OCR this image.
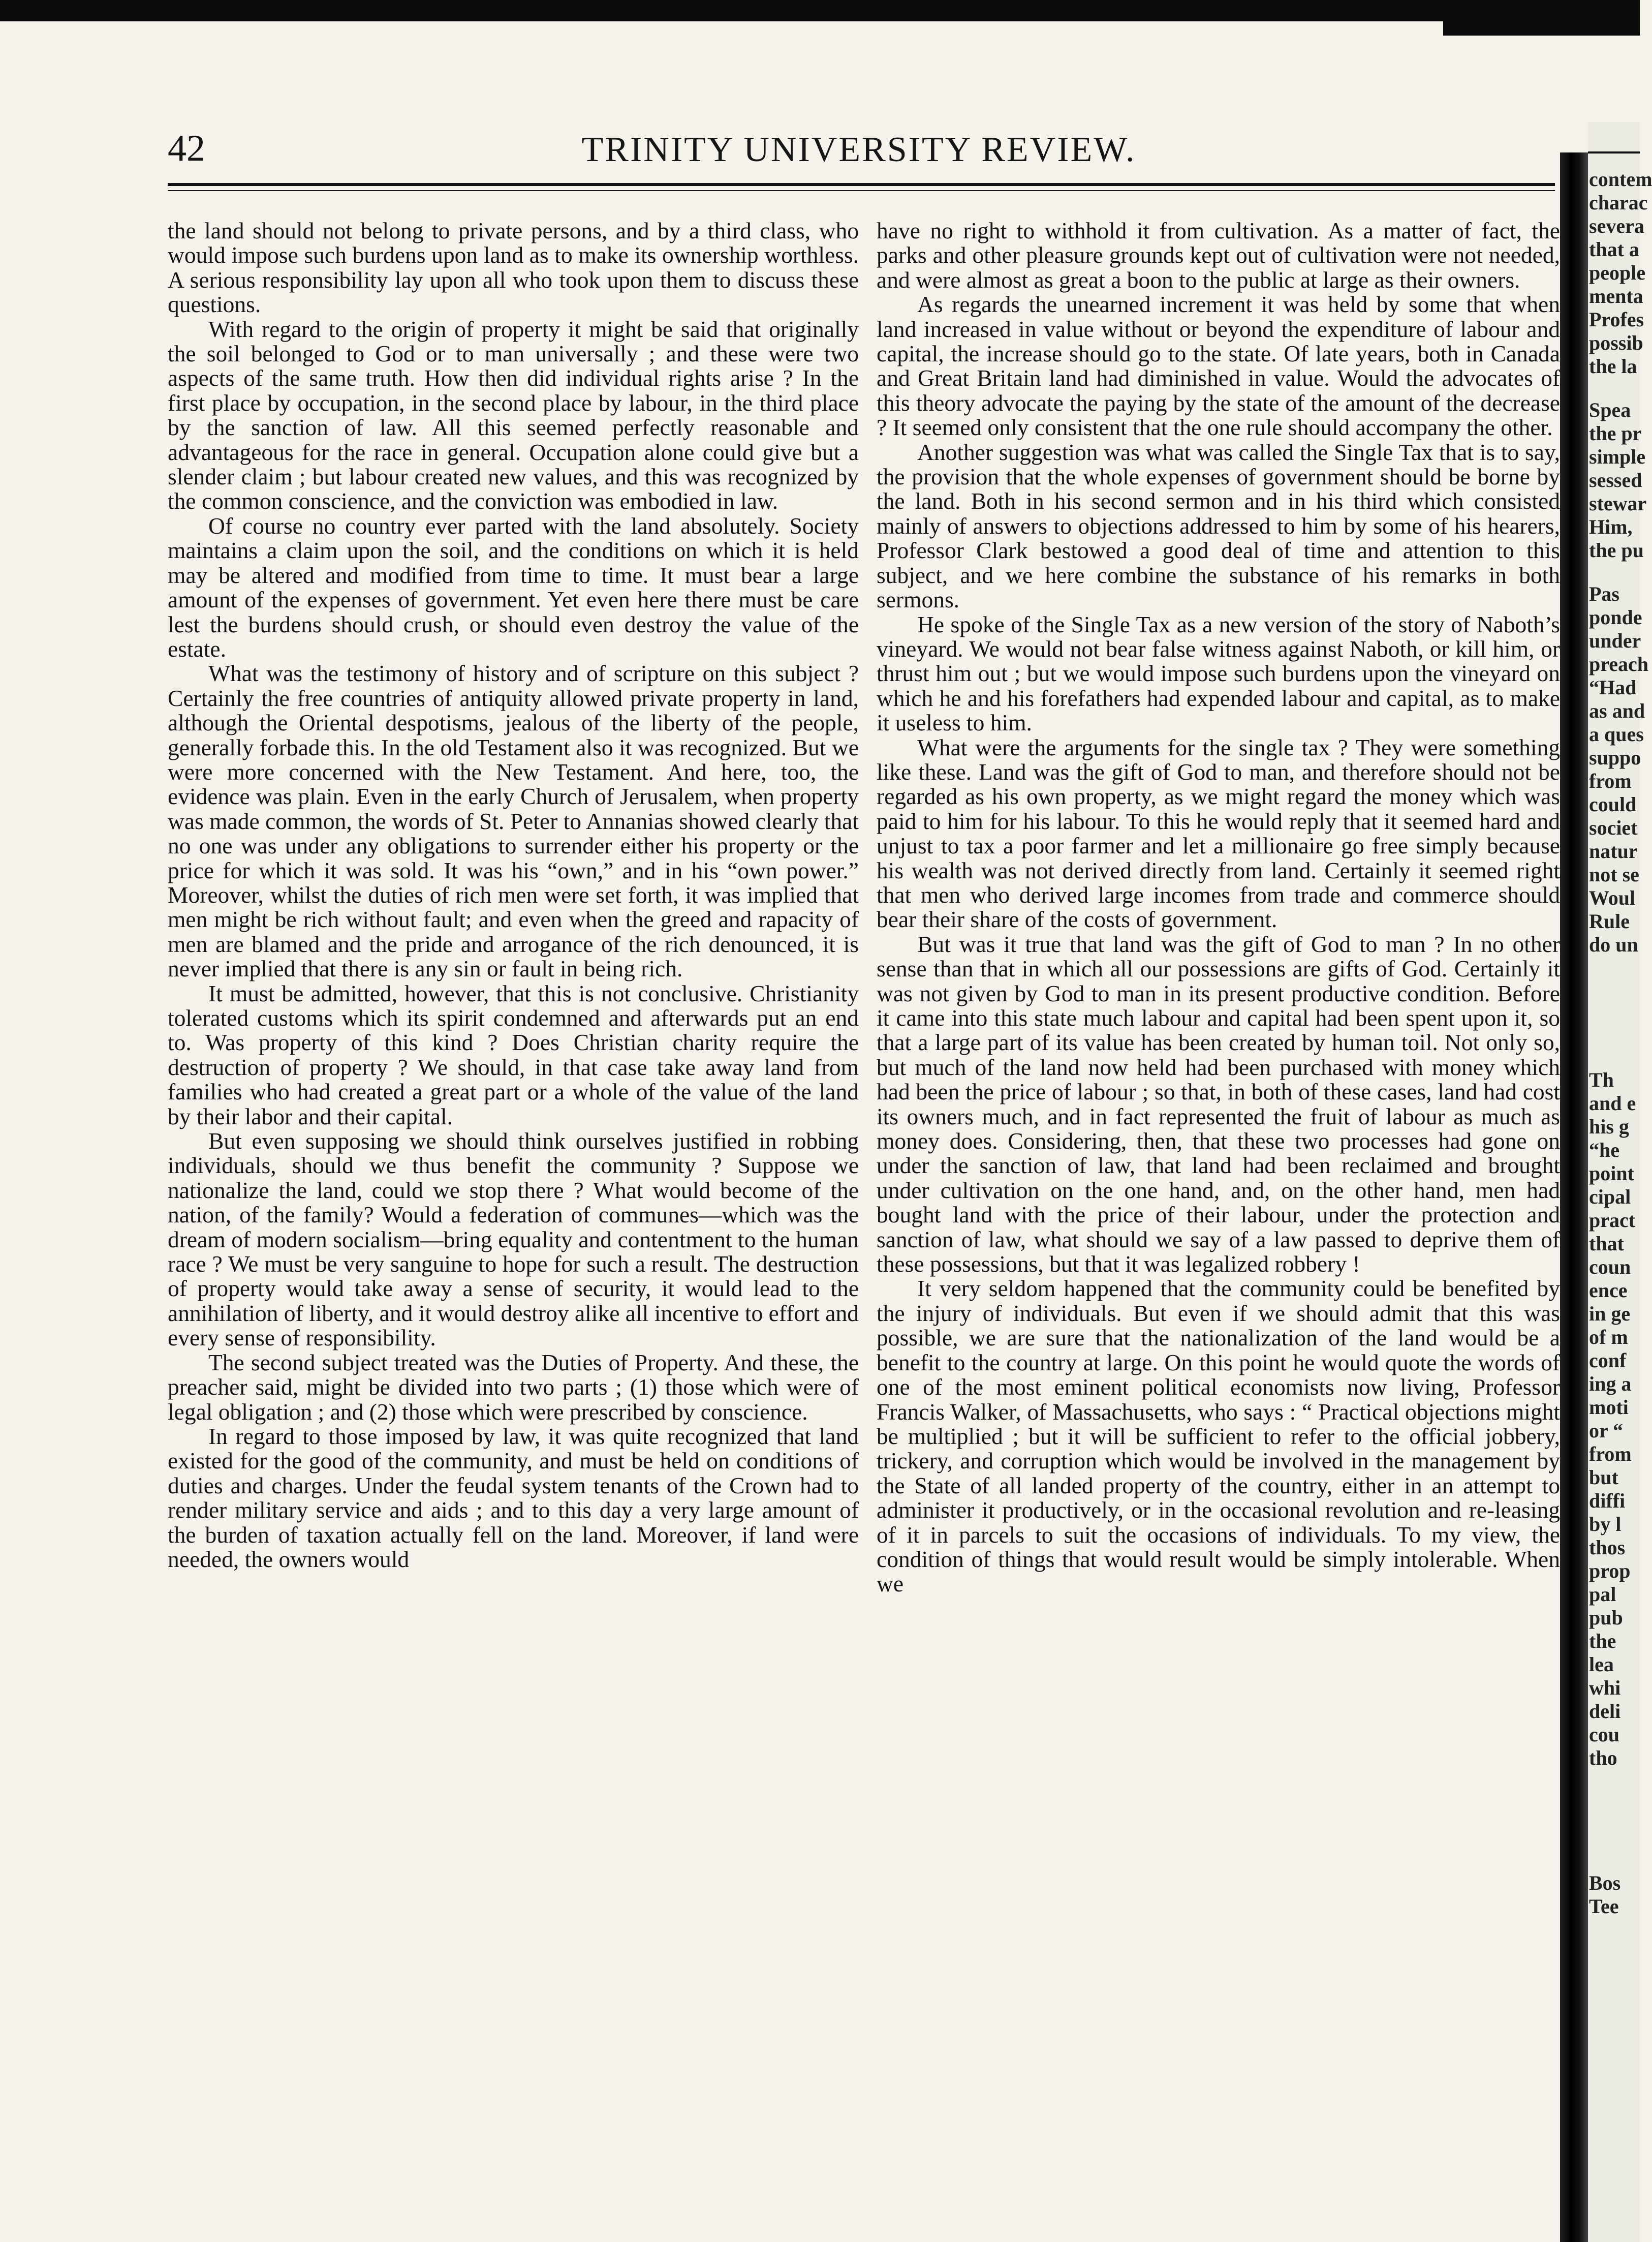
42	TRINITY UNIVERSITY REVIEW.

the land should not belong to private persons, and by a third class, who would impose such burdens upon land as to make its ownership worthless. A serious responsibility lay upon all who took upon them to discuss these questions.

With regard to the origin of property it might be said that originally the soil belonged to God or to man universally ; and these were two aspects of the same truth. How then did individual rights arise ? In the first place by occupation, in the second place by labour, in the third place by the sanction of law. All this seemed perfectly reasonable and advantageous for the race in general. Occupation alone could give but a slender claim ; but labour created new values, and this was recognized by the common conscience, and the conviction was embodied in law.

Of course no country ever parted with the land absolutely. Society maintains a claim upon the soil, and the conditions on which it is held may be altered and modified from time to time. It must bear a large amount of the expenses of government. Yet even here there must be care lest the burdens should crush, or should even destroy the value of the estate.

What was the testimony of history and of scripture on this subject ? Certainly the free countries of antiquity allowed private property in land, although the Oriental despotisms, jealous of the liberty of the people, generally forbade this. In the old Testament also it was recognized. But we were more concerned with the New Testament. And here, too, the evidence was plain. Even in the early Church of Jerusalem, when property was made common, the words of St. Peter to Annanias showed clearly that no one was under any obligations to surrender either his property or the price for which it was sold. It was his “own,” and in his “own power.” Moreover, whilst the duties of rich men were set forth, it was implied that men might be rich without fault; and even when the greed and rapacity of men are blamed and the pride and arrogance of the rich denounced, it is never implied that there is any sin or fault in being rich.

It must be admitted, however, that this is not conclusive. Christianity tolerated customs which its spirit condemned and afterwards put an end to. Was property of this kind ? Does Christian charity require the destruction of property ? We should, in that case take away land from families who had created a great part or a whole of the value of the land by their labor and their capital.

But even supposing we should think ourselves justified in robbing individuals, should we thus benefit the community ? Suppose we nationalize the land, could we stop there ? What would become of the nation, of the family? Would a federation of communes—which was the dream of modern socialism—bring equality and contentment to the human race ? We must be very sanguine to hope for such a result. The destruction of property would take away a sense of security, it would lead to the annihilation of liberty, and it would destroy alike all incentive to effort and every sense of responsibility.

The second subject treated was the Duties of Property. And these, the preacher said, might be divided into two parts ; (1) those which were of legal obligation ; and (2) those which were prescribed by conscience.

In regard to those imposed by law, it was quite recognized that land existed for the good of the community, and must be held on conditions of duties and charges. Under the feudal system tenants of the Crown had to render military service and aids ; and to this day a very large amount of the burden of taxation actually fell on the land. Moreover, if land were needed, the owners would

have no right to withhold it from cultivation. As a matter of fact, the parks and other pleasure grounds kept out of cultivation were not needed, and were almost as great a boon to the public at large as their owners.

As regards the unearned increment it was held by some that when land increased in value without or beyond the expenditure of labour and capital, the increase should go to the state. Of late years, both in Canada and Great Britain land had diminished in value. Would the advocates of this theory advocate the paying by the state of the amount of the decrease ? It seemed only consistent that the one rule should accompany the other.

Another suggestion was what was called the Single Tax that is to say, the provision that the whole expenses of government should be borne by the land. Both in his second sermon and in his third which consisted mainly of answers to objections addressed to him by some of his hearers, Professor Clark bestowed a good deal of time and attention to this subject, and we here combine the substance of his remarks in both sermons.

He spoke of the Single Tax as a new version of the story of Naboth’s vineyard. We would not bear false witness against Naboth, or kill him, or thrust him out ; but we would impose such burdens upon the vineyard on which he and his forefathers had expended labour and capital, as to make it useless to him.

What were the arguments for the single tax ? They were something like these. Land was the gift of God to man, and therefore should not be regarded as his own property, as we might regard the money which was paid to him for his labour. To this he would reply that it seemed hard and unjust to tax a poor farmer and let a millionaire go free simply because his wealth was not derived directly from land. Certainly it seemed right that men who derived large incomes from trade and commerce should bear their share of the costs of government.

But was it true that land was the gift of God to man ? In no other sense than that in which all our possessions are gifts of God. Certainly it was not given by God to man in its present productive condition. Before it came into this state much labour and capital had been spent upon it, so that a large part of its value has been created by human toil. Not only so, but much of the land now held had been purchased with money which had been the price of labour ; so that, in both of these cases, land had cost its owners much, and in fact represented the fruit of labour as much as money does. Considering, then, that these two processes had gone on under the sanction of law, that land had been reclaimed and brought under cultivation on the one hand, and, on the other hand, men had bought land with the price of their labour, under the protection and sanction of law, what should we say of a law passed to deprive them of these possessions, but that it was legalized robbery !

It very seldom happened that the community could be benefited by the injury of individuals. But even if we should admit that this was possible, we are sure that the nationalization of the land would be a benefit to the country at large. On this point he would quote the words of one of the most eminent political economists now living, Professor Francis Walker, of Massachusetts, who says : “ Practical objections might be multiplied ; but it will be sufficient to refer to the official jobbery, trickery, and corruption which would be involved in the management by the State of all landed property of the country, either in an attempt to administer it productively, or in the occasional revolution and re-leasing of it in parcels to suit the occasions of individuals. To my view, the condition of things that would result would be simply intolerable. When we

contem
charac
severa
that a
people
menta
Profes
possib
the la
Spea
the pr
simple
sessed
stewar
Him,
the pu
Pas
ponde
under
preach
“Had
as and
a ques
suppo
from
could
societ
natur
not se
Woul
Rule
do un
Th
and e
his g
“he
point
cipal
pract
that
coun
ence
in ge
of m
conf
ing a
moti
or “
from
but
diffi
by l
thos
prop
pal
pub
the
lea
whi
deli
cou
tho
Bos
Tee
